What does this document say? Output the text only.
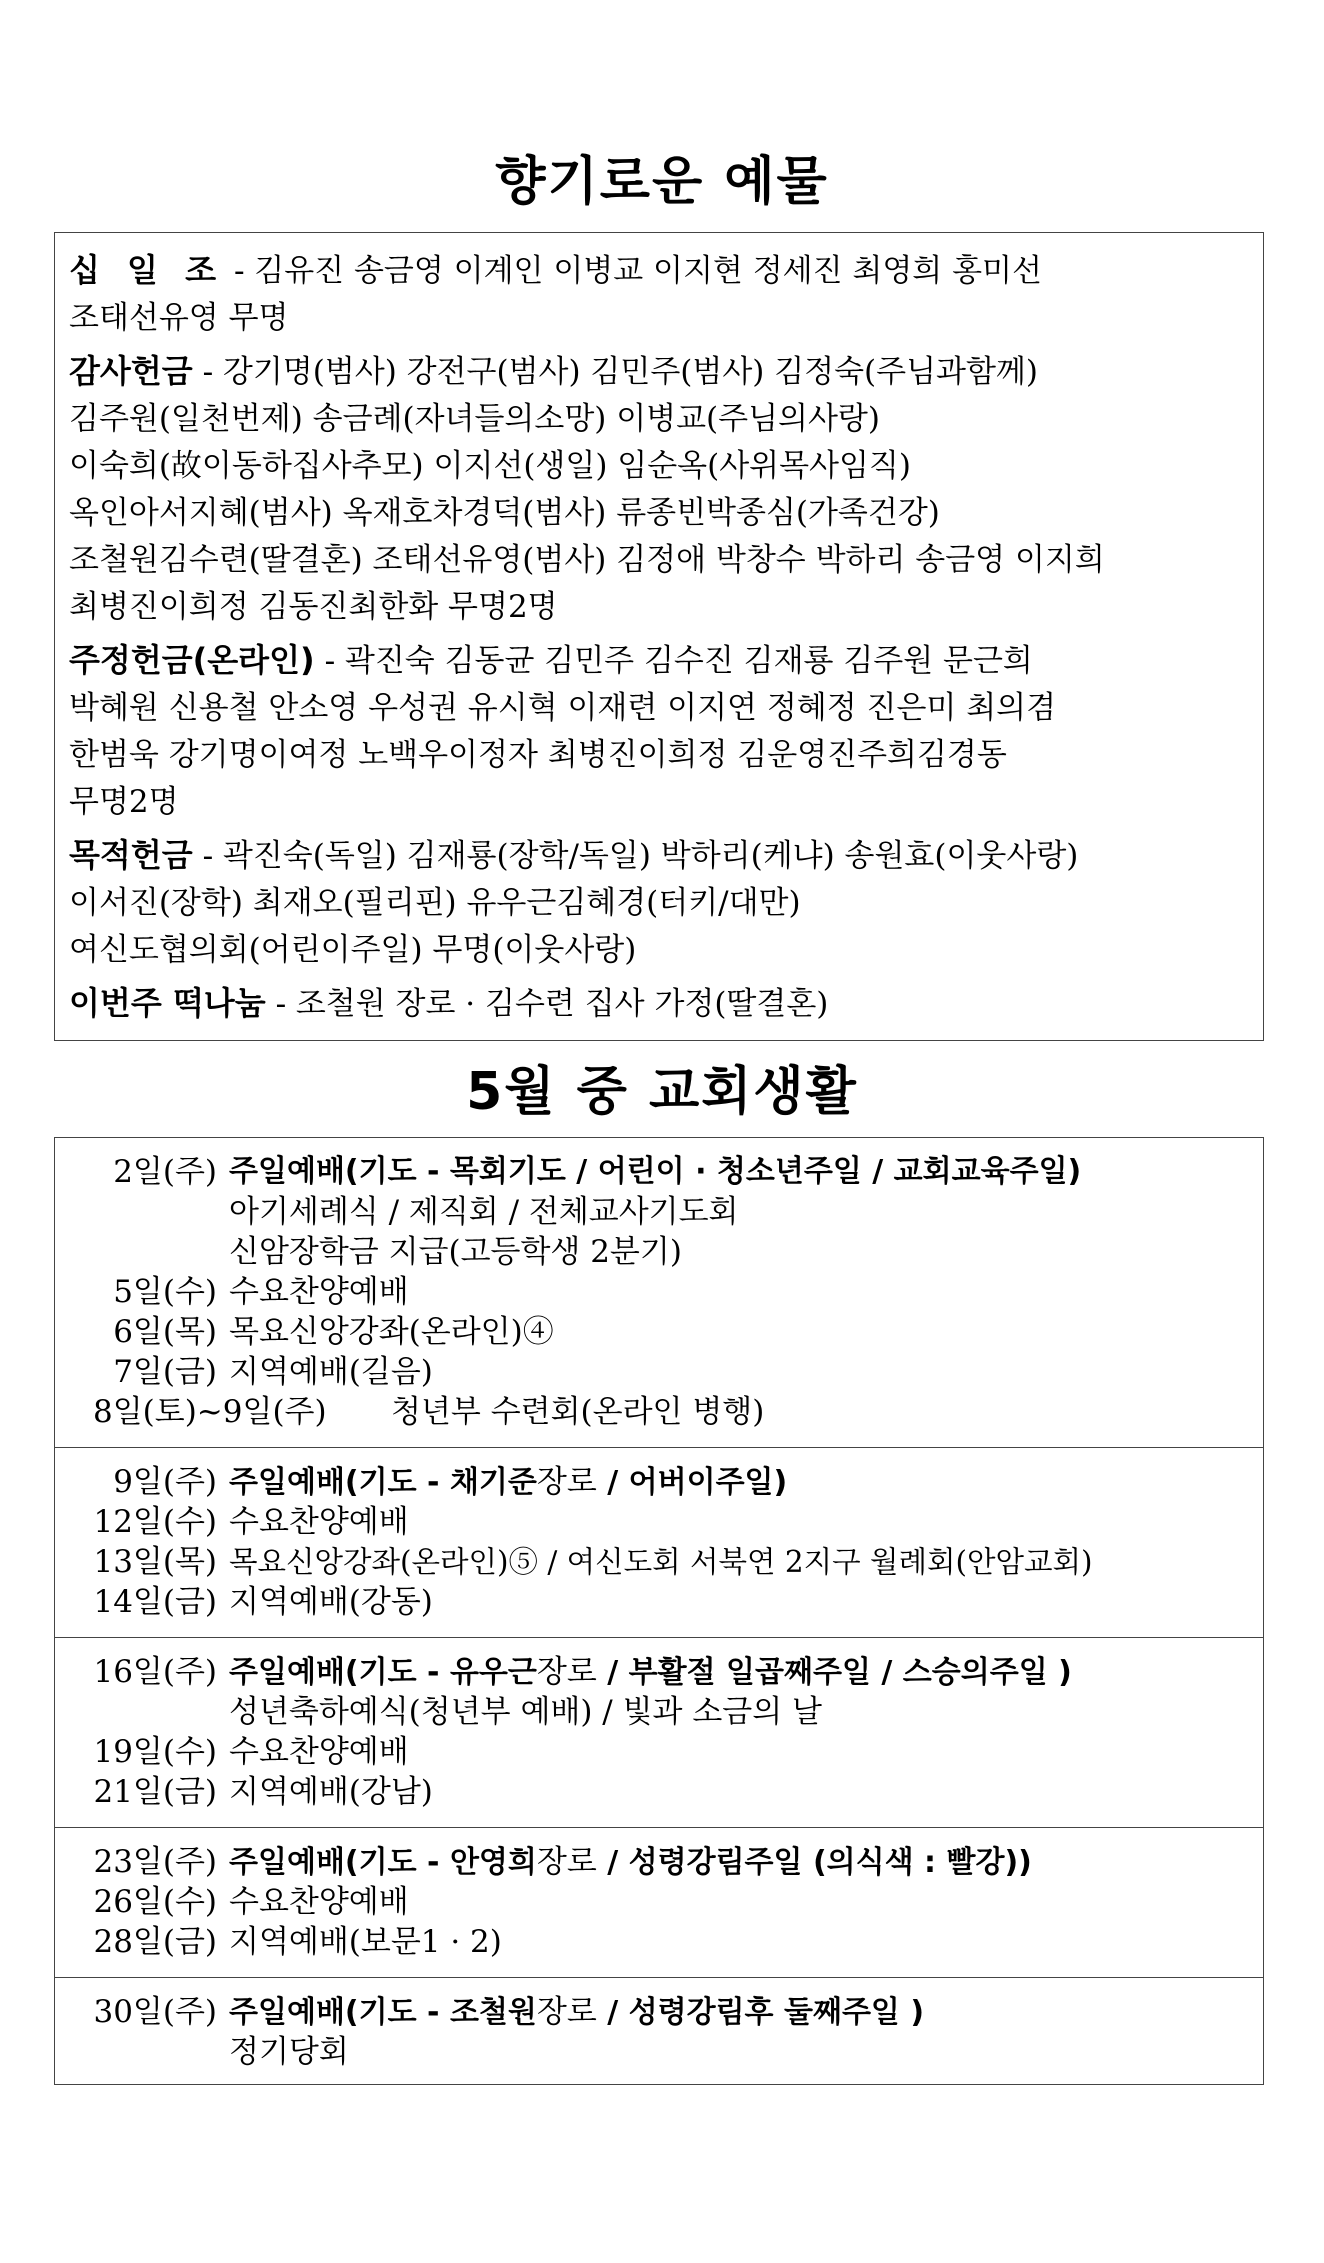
향기로운 예물
십 일 조 - 김유진 송금영 이계인 이병교 이지현 정세진 최영희 홍미선
조태선유영 무명
감사헌금 - 강기명(범사) 강전구(범사) 김민주(범사) 김정숙(주님과함께)
김주원(일천번제) 송금례(자녀들의소망) 이병교(주님의사랑)
이숙희(故이동하집사추모) 이지선(생일) 임순옥(사위목사임직)
옥인아서지혜(범사) 옥재호차경덕(범사) 류종빈박종심(가족건강)
조철원김수련(딸결혼) 조태선유영(범사) 김정애 박창수 박하리 송금영 이지희
최병진이희정 김동진최한화 무명2명
주정헌금(온라인) - 곽진숙 김동균 김민주 김수진 김재룡 김주원 문근희
박혜원 신용철 안소영 우성권 유시혁 이재련 이지연 정혜정 진은미 최의겸
한범욱 강기명이여정 노백우이정자 최병진이희정 김운영진주희김경동
무명2명
목적헌금 - 곽진숙(독일) 김재룡(장학/독일) 박하리(케냐) 송원효(이웃사랑)
이서진(장학) 최재오(필리핀) 유우근김혜경(터키/대만)
여신도협의회(어린이주일) 무명(이웃사랑)
이번주 떡나눔 - 조철원 장로 · 김수련 집사 가정(딸결혼)
5월 중 교회생활
2일(주) 주일예배(기도 - 목회기도 / 어린이 · 청소년주일 / 교회교육주일)
아기세례식 / 제직회 / 전체교사기도회
신암장학금 지급(고등학생 2분기)
5일(수) 수요찬양예배
6일(목) 목요신앙강좌(온라인)④
7일(금) 지역예배(길음)
8일(토)~9일(주) 청년부 수련회(온라인 병행)
9일(주) 주일예배(기도 - 채기준장로 / 어버이주일)
12일(수) 수요찬양예배
13일(목) 목요신앙강좌(온라인)⑤ / 여신도회 서북연 2지구 월례회(안암교회)
14일(금) 지역예배(강동)
16일(주) 주일예배(기도 - 유우근장로 / 부활절 일곱째주일 / 스승의주일 )
성년축하예식(청년부 예배) / 빛과 소금의 날
19일(수) 수요찬양예배
21일(금) 지역예배(강남)
23일(주) 주일예배(기도 - 안영희장로 / 성령강림주일 (의식색 : 빨강))
26일(수) 수요찬양예배
28일(금) 지역예배(보문1 · 2)
30일(주) 주일예배(기도 - 조철원장로 / 성령강림후 둘째주일 )
정기당회
